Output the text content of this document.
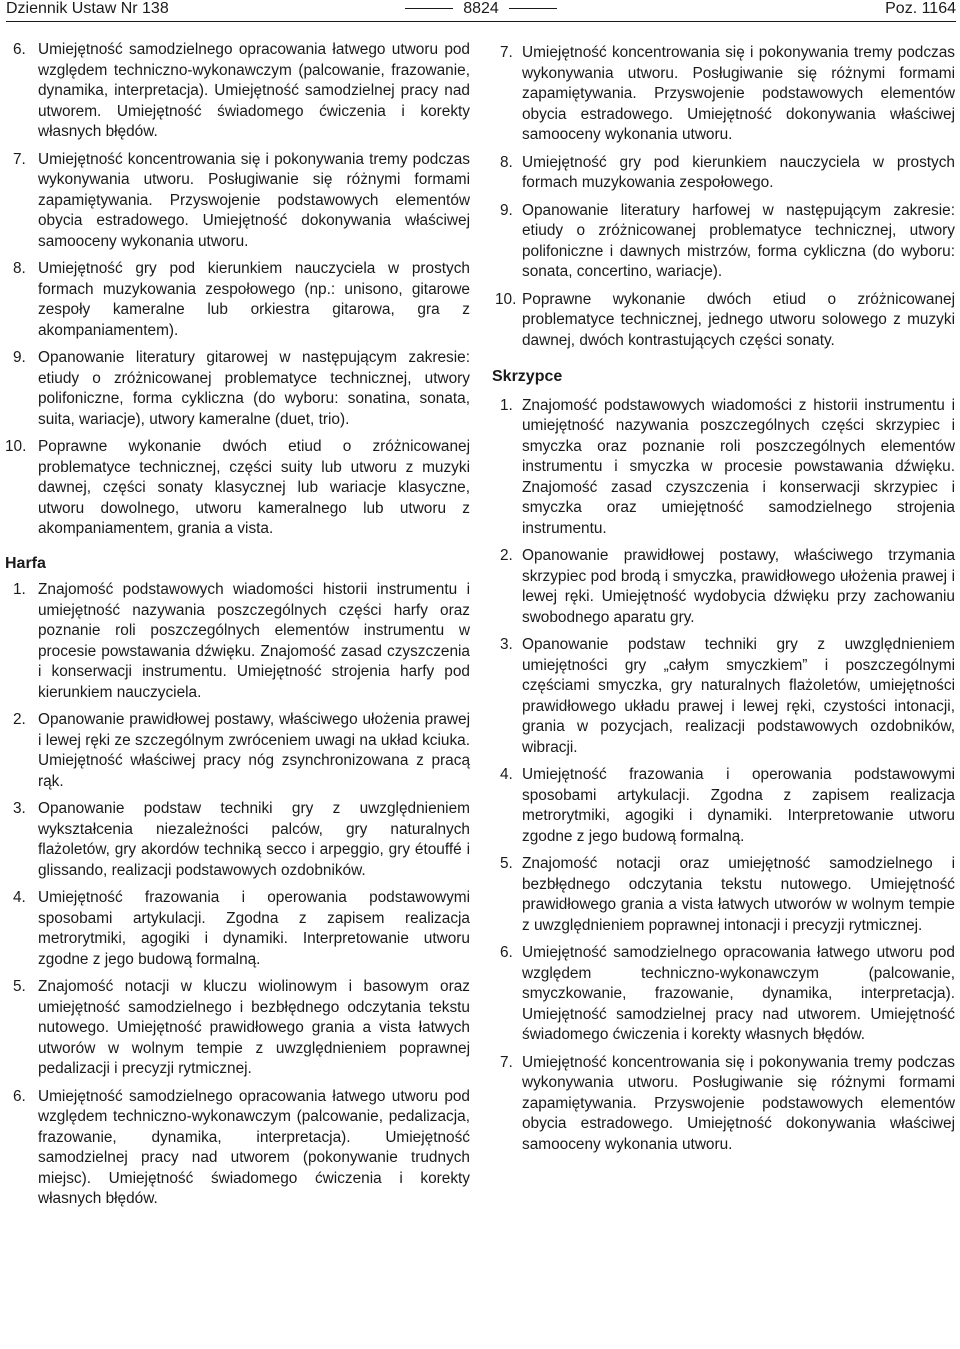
Dziennik Ustaw Nr 138	8824	Poz. 1164
6. Umiejętność samodzielnego opracowania łatwego utworu pod względem techniczno-wykonawczym (palcowanie, frazowanie, dynamika, interpretacja). Umiejętność samodzielnej pracy nad utworem. Umiejętność świadomego ćwiczenia i korekty własnych błędów.
7. Umiejętność koncentrowania się i pokonywania tremy podczas wykonywania utworu. Posługiwanie się różnymi formami zapamiętywania. Przyswojenie podstawowych elementów obycia estradowego. Umiejętność dokonywania właściwej samooceny wykonania utworu.
8. Umiejętność gry pod kierunkiem nauczyciela w prostych formach muzykowania zespołowego (np.: unisono, gitarowe zespoły kameralne lub orkiestra gitarowa, gra z akompaniamentem).
9. Opanowanie literatury gitarowej w następującym zakresie: etiudy o zróżnicowanej problematyce technicznej, utwory polifoniczne, forma cykliczna (do wyboru: sonatina, sonata, suita, wariacje), utwory kameralne (duet, trio).
10. Poprawne wykonanie dwóch etiud o zróżnicowanej problematyce technicznej, części suity lub utworu z muzyki dawnej, części sonaty klasycznej lub wariacje klasyczne, utworu dowolnego, utworu kameralnego lub utworu z akompaniamentem, grania a vista.
Harfa
1. Znajomość podstawowych wiadomości historii instrumentu i umiejętność nazywania poszczególnych części harfy oraz poznanie roli poszczególnych elementów instrumentu w procesie powstawania dźwięku. Znajomość zasad czyszczenia i konserwacji instrumentu. Umiejętność strojenia harfy pod kierunkiem nauczyciela.
2. Opanowanie prawidłowej postawy, właściwego ułożenia prawej i lewej ręki ze szczególnym zwróceniem uwagi na układ kciuka. Umiejętność właściwej pracy nóg zsynchronizowana z pracą rąk.
3. Opanowanie podstaw techniki gry z uwzględnieniem wykształcenia niezależności palców, gry naturalnych flażoletów, gry akordów techniką secco i arpeggio, gry étouffé i glissando, realizacji podstawowych ozdobników.
4. Umiejętność frazowania i operowania podstawowymi sposobami artykulacji. Zgodna z zapisem realizacja metrorytmiki, agogiki i dynamiki. Interpretowanie utworu zgodne z jego budową formalną.
5. Znajomość notacji w kluczu wiolinowym i basowym oraz umiejętność samodzielnego i bezbłędnego odczytania tekstu nutowego. Umiejętność prawidłowego grania a vista łatwych utworów w wolnym tempie z uwzględnieniem poprawnej pedalizacji i precyzji rytmicznej.
6. Umiejętność samodzielnego opracowania łatwego utworu pod względem techniczno-wykonawczym (palcowanie, pedalizacja, frazowanie, dynamika, interpretacja). Umiejętność samodzielnej pracy nad utworem (pokonywanie trudnych miejsc). Umiejętność świadomego ćwiczenia i korekty własnych błędów.
7. Umiejętność koncentrowania się i pokonywania tremy podczas wykonywania utworu. Posługiwanie się różnymi formami zapamiętywania. Przyswojenie podstawowych elementów obycia estradowego. Umiejętność dokonywania właściwej samooceny wykonania utworu.
8. Umiejętność gry pod kierunkiem nauczyciela w prostych formach muzykowania zespołowego.
9. Opanowanie literatury harfowej w następującym zakresie: etiudy o zróżnicowanej problematyce technicznej, utwory polifoniczne i dawnych mistrzów, forma cykliczna (do wyboru: sonata, concertino, wariacje).
10. Poprawne wykonanie dwóch etiud o zróżnicowanej problematyce technicznej, jednego utworu solowego z muzyki dawnej, dwóch kontrastujących części sonaty.
Skrzypce
1. Znajomość podstawowych wiadomości z historii instrumentu i umiejętność nazywania poszczególnych części skrzypiec i smyczka oraz poznanie roli poszczególnych elementów instrumentu i smyczka w procesie powstawania dźwięku. Znajomość zasad czyszczenia i konserwacji skrzypiec i smyczka oraz umiejętność samodzielnego strojenia instrumentu.
2. Opanowanie prawidłowej postawy, właściwego trzymania skrzypiec pod brodą i smyczka, prawidłowego ułożenia prawej i lewej ręki. Umiejętność wydobycia dźwięku przy zachowaniu swobodnego aparatu gry.
3. Opanowanie podstaw techniki gry z uwzględnieniem umiejętności gry „całym smyczkiem” i poszczególnymi częściami smyczka, gry naturalnych flażoletów, umiejętności prawidłowego układu prawej i lewej ręki, czystości intonacji, grania w pozycjach, realizacji podstawowych ozdobników, wibracji.
4. Umiejętność frazowania i operowania podstawowymi sposobami artykulacji. Zgodna z zapisem realizacja metrorytmiki, agogiki i dynamiki. Interpretowanie utworu zgodne z jego budową formalną.
5. Znajomość notacji oraz umiejętność samodzielnego i bezbłędnego odczytania tekstu nutowego. Umiejętność prawidłowego grania a vista łatwych utworów w wolnym tempie z uwzględnieniem poprawnej intonacji i precyzji rytmicznej.
6. Umiejętność samodzielnego opracowania łatwego utworu pod względem techniczno-wykonawczym (palcowanie, smyczkowanie, frazowanie, dynamika, interpretacja). Umiejętność samodzielnej pracy nad utworem. Umiejętność świadomego ćwiczenia i korekty własnych błędów.
7. Umiejętność koncentrowania się i pokonywania tremy podczas wykonywania utworu. Posługiwanie się różnymi formami zapamiętywania. Przyswojenie podstawowych elementów obycia estradowego. Umiejętność dokonywania właściwej samooceny wykonania utworu.
